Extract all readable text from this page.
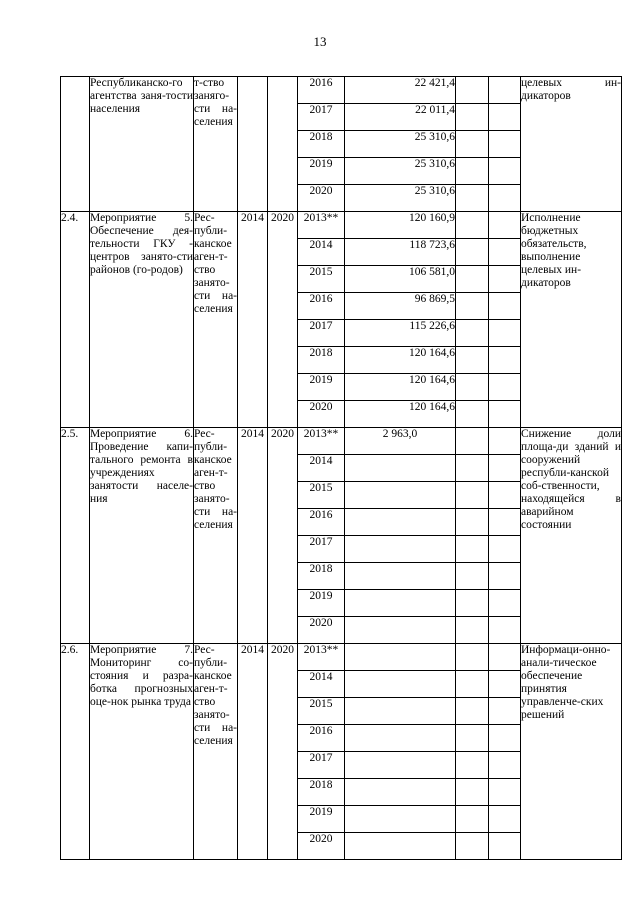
13
	Республиканско-го агентства заня-тости населения	т-ство заняго-сти на-селения			2016	22 421,4			целевых ин-дикаторов
					2017	22 011,4			
					2018	25 310,6			
					2019	25 310,6			
					2020	25 310,6			
2.4.	Мероприятие 5. Обеспечение дея-тельности ГКУ - центров занято-сти районов (го-родов)	Рес-публи-канское аген-т-ство занято-сти на-селения	2014	2020	2013**	120 160,9			Исполнение бюджетных обязательств, выполнение целевых ин-дикаторов
					2014	118 723,6			
					2015	106 581,0			
					2016	96 869,5			
					2017	115 226,6			
					2018	120 164,6			
					2019	120 164,6			
					2020	120 164,6			
2.5.	Мероприятие 6. Проведение капи-тального ремонта в учреждениях занятости населе-ния	Рес-публи-канское аген-т-ство занято-сти на-селения	2014	2020	2013**	2 963,0			Снижение доли площа-ди зданий и сооружений республи-канской соб-ственности, находящейся в аварийном состоянии
					2014				
					2015				
					2016				
					2017				
					2018				
					2019				
					2020				
2.6.	Мероприятие 7. Мониторинг со-стояния и разра-ботка прогнозных оце-нок рынка труда	Рес-публи-канское аген-т-ство занято-сти на-селения	2014	2020	2013**				Информаци-онно-анали-тическое обеспечение принятия управленче-ских решений
					2014				
					2015				
					2016				
					2017				
					2018				
					2019				
					2020				
